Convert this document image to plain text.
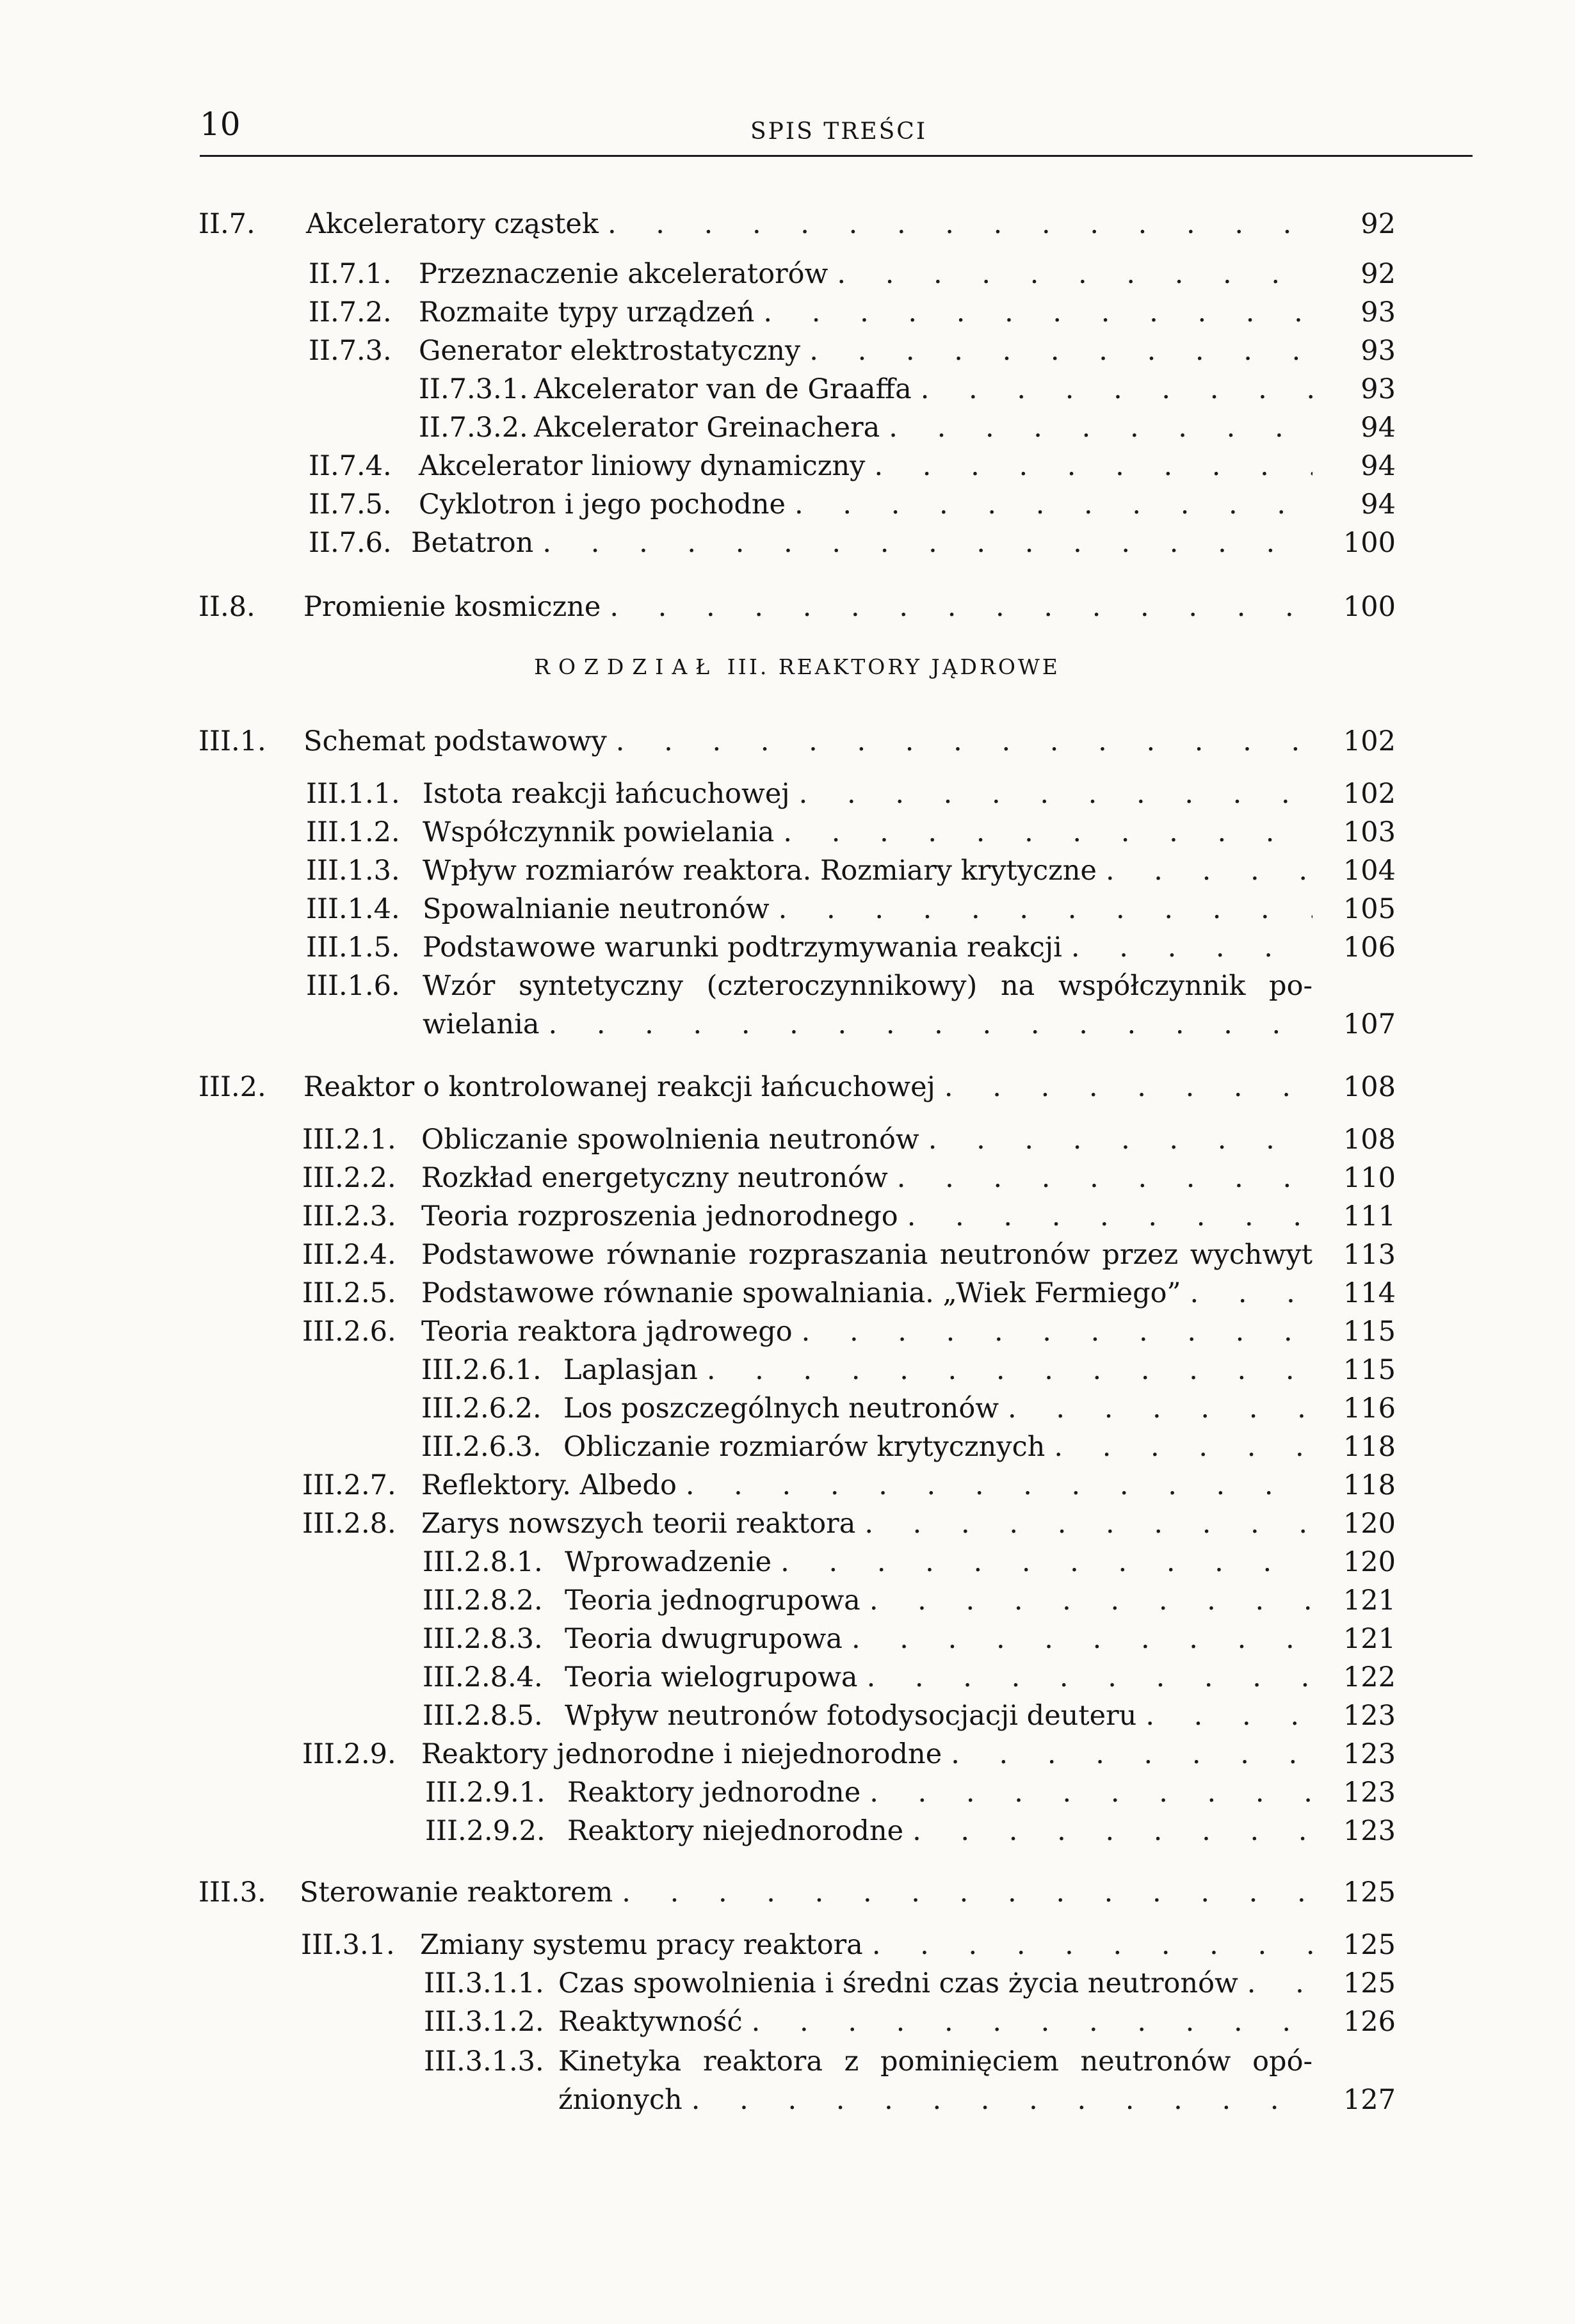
10	SPIS TREŚCI
II.7.	Akceleratory cząstek . . .	92
II.7.1. Przeznaczenie akceleratorów . . .	92
II.7.2. Rozmaite typy urządzeń . . .	93
II.7.3. Generator elektrostatyczny . . .	93
II.7.3.1. Akcelerator van de Graaffa . . .	93
II.7.3.2. Akcelerator Greinachera . . .	94
II.7.4. Akcelerator liniowy dynamiczny . . .	94
II.7.5. Cyklotron i jego pochodne . . .	94
II.7.6. Betatron . . .	100
II.8.	Promienie kosmiczne . . .	100
ROZDZIAŁ III. REAKTORY JĄDROWE
III.1.	Schemat podstawowy . . .	102
III.1.1. Istota reakcji łańcuchowej . . .	102
III.1.2. Współczynnik powielania . . .	103
III.1.3. Wpływ rozmiarów reaktora. Rozmiary krytyczne . . .	104
III.1.4. Spowalnianie neutronów . . .	105
III.1.5. Podstawowe warunki podtrzymywania reakcji . . .	106
III.1.6. Wzór syntetyczny (czteroczynnikowy) na współczynnik po-
wielania . . .	107
III.2.	Reaktor o kontrolowanej reakcji łańcuchowej . . .	108
III.2.1. Obliczanie spowolnienia neutronów . . .	108
III.2.2. Rozkład energetyczny neutronów . . .	110
III.2.3. Teoria rozproszenia jednorodnego . . .	111
III.2.4. Podstawowe równanie rozpraszania neutronów przez wychwyt	113
III.2.5. Podstawowe równanie spowalniania. „Wiek Fermiego” . . .	114
III.2.6. Teoria reaktora jądrowego . . .	115
III.2.6.1. Laplasjan . . .	115
III.2.6.2. Los poszczególnych neutronów . . .	116
III.2.6.3. Obliczanie rozmiarów krytycznych . . .	118
III.2.7. Reflektory. Albedo . . .	118
III.2.8. Zarys nowszych teorii reaktora . . .	120
III.2.8.1. Wprowadzenie . . .	120
III.2.8.2. Teoria jednogrupowa . . .	121
III.2.8.3. Teoria dwugrupowa . . .	121
III.2.8.4. Teoria wielogrupowa . . .	122
III.2.8.5. Wpływ neutronów fotodysocjacji deuteru . . .	123
III.2.9. Reaktory jednorodne i niejednorodne . . .	123
III.2.9.1. Reaktory jednorodne . . .	123
III.2.9.2. Reaktory niejednorodne . . .	123
III.3.	Sterowanie reaktorem . . .	125
III.3.1. Zmiany systemu pracy reaktora . . .	125
III.3.1.1. Czas spowolnienia i średni czas życia neutronów . . .	125
III.3.1.2. Reaktywność . . .	126
III.3.1.3. Kinetyka reaktora z pominięciem neutronów opó-
źnionych . . .	127
